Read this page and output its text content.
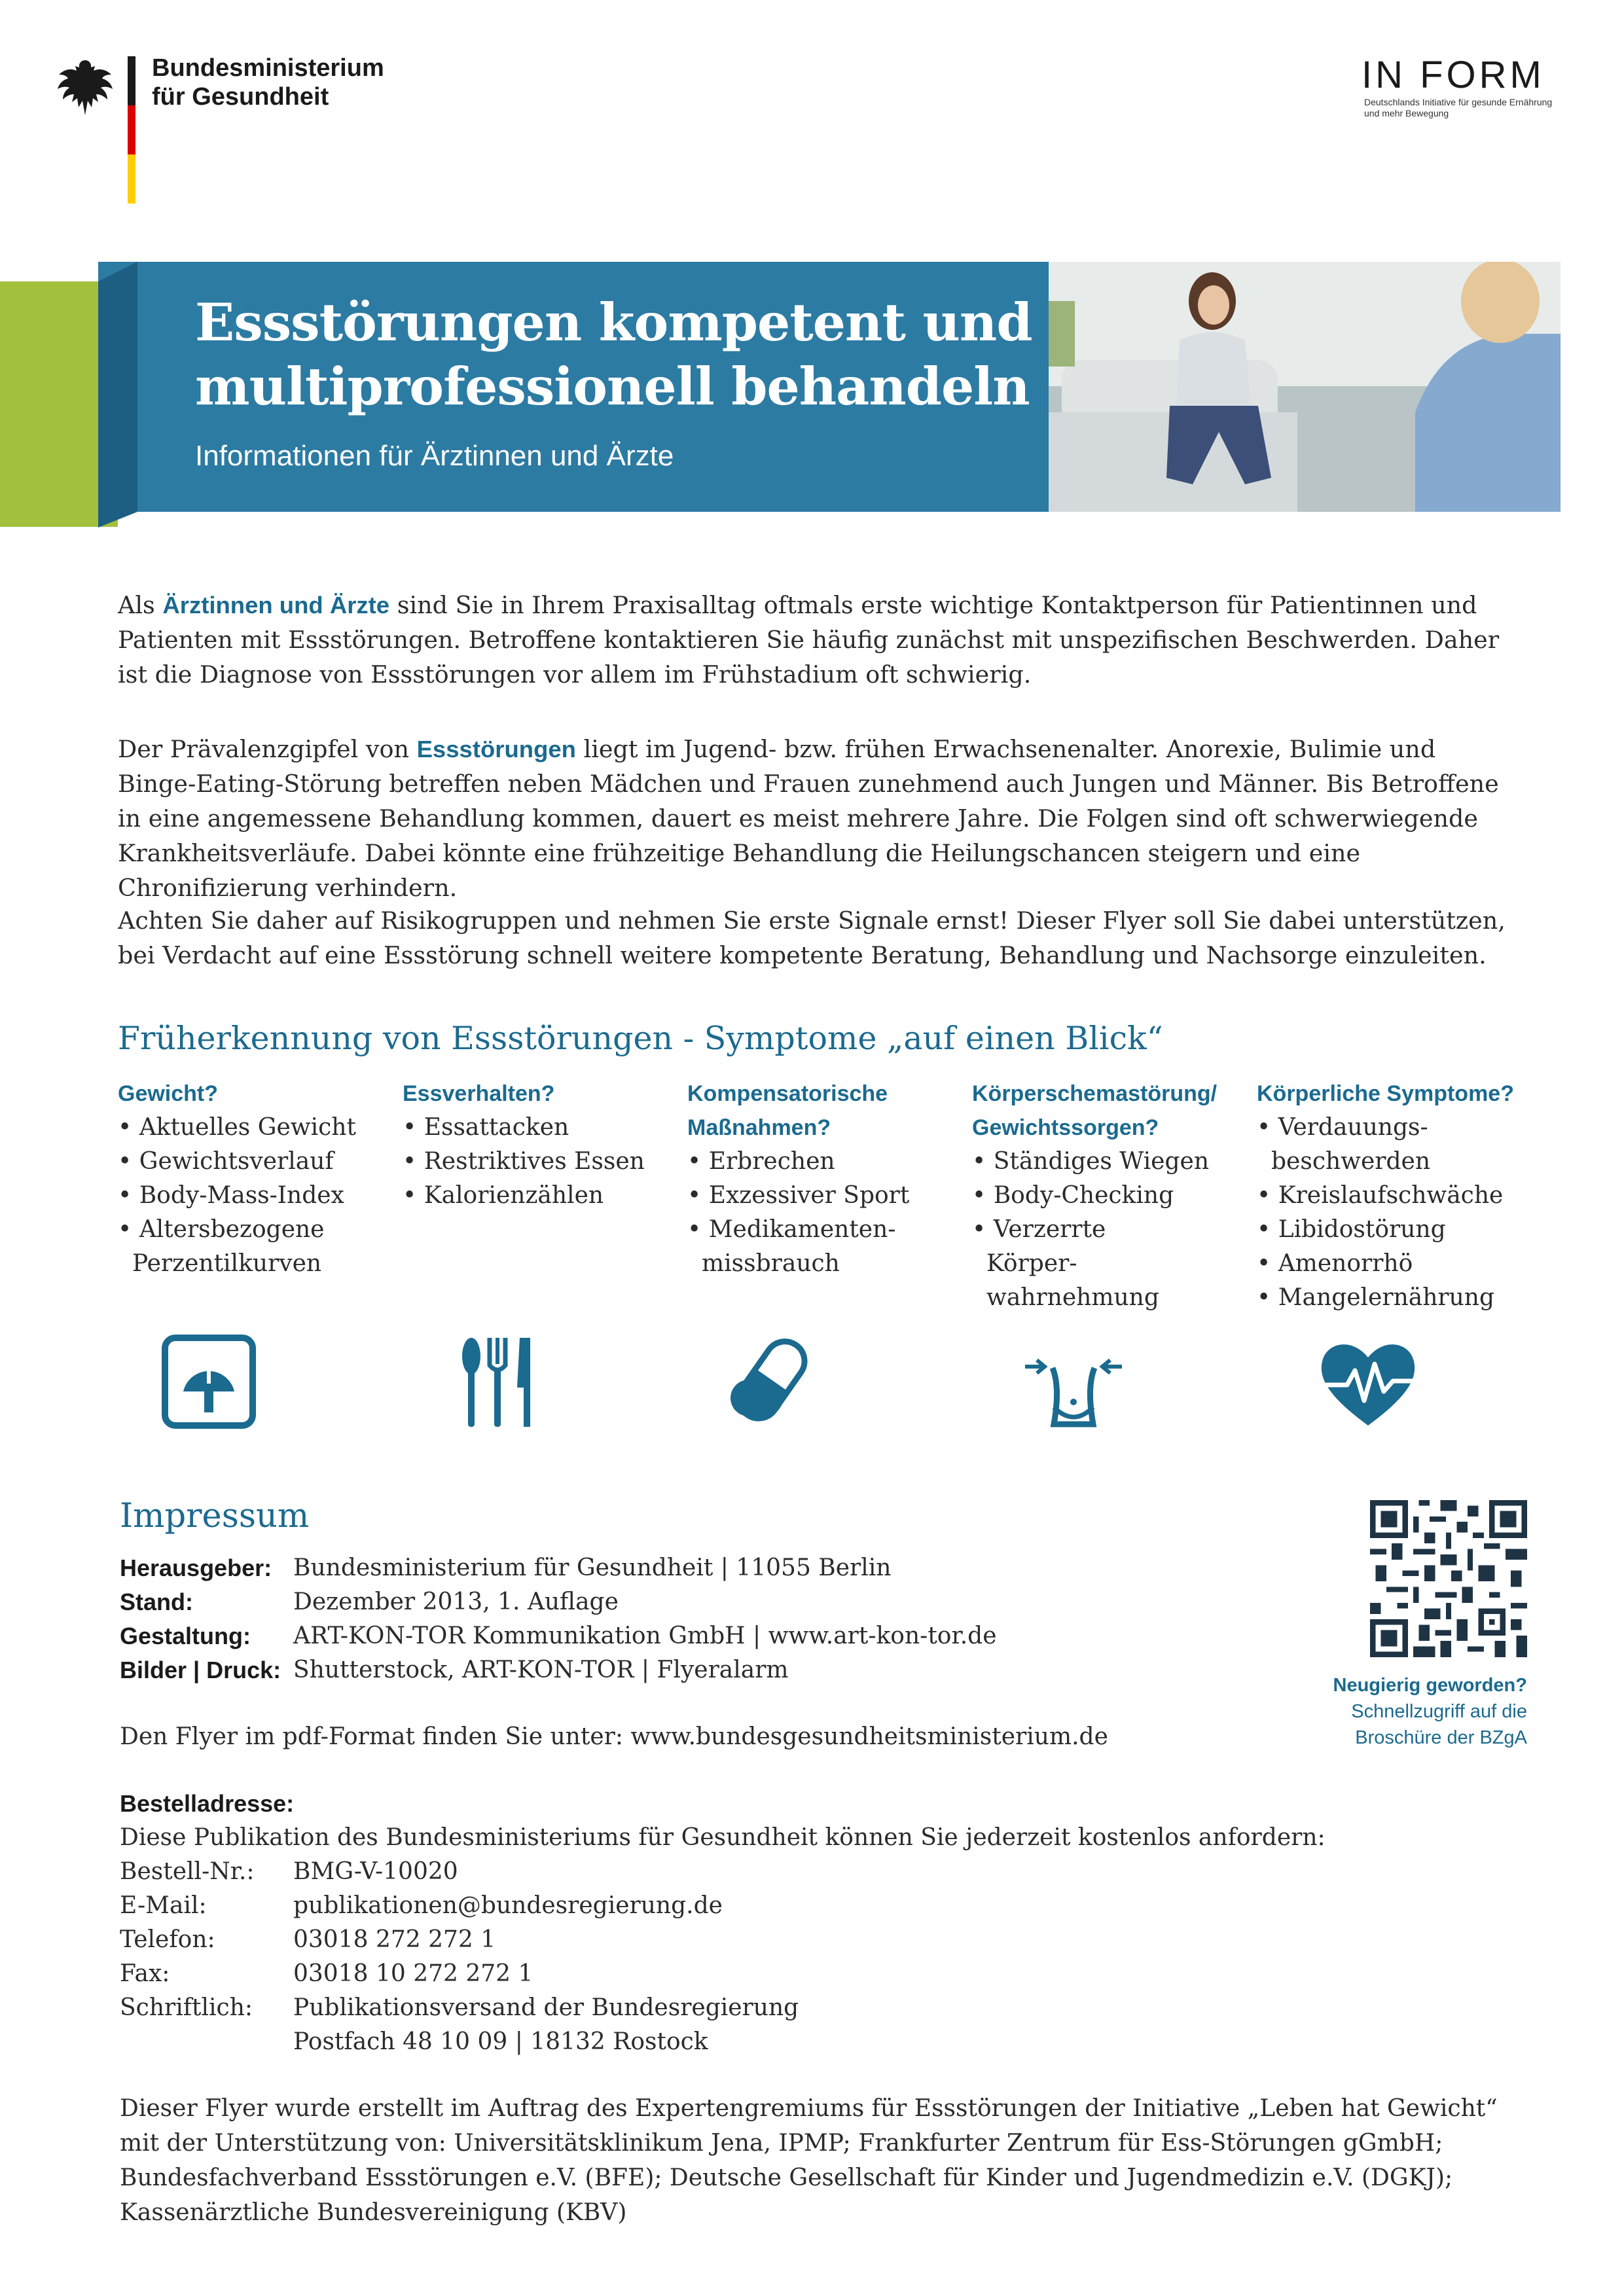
Bundesministerium
für Gesundheit
IN FORM
Deutschlands Initiative für gesunde Ernährung und mehr Bewegung
Essstörungen kompetent und multiprofessionell behandeln
Informationen für Ärztinnen und Ärzte
Als Ärztinnen und Ärzte sind Sie in Ihrem Praxisalltag oftmals erste wichtige Kontaktperson für Patientinnen und Patienten mit Essstörungen. Betroffene kontaktieren Sie häufig zunächst mit unspezifischen Beschwerden. Daher ist die Diagnose von Essstörungen vor allem im Frühstadium oft schwierig.
Der Prävalenzgipfel von Essstörungen liegt im Jugend- bzw. frühen Erwachsenenalter. Anorexie, Bulimie und Binge-Eating-Störung betreffen neben Mädchen und Frauen zunehmend auch Jungen und Männer. Bis Betroffene in eine angemessene Behandlung kommen, dauert es meist mehrere Jahre. Die Folgen sind oft schwerwiegende Krankheitsverläufe. Dabei könnte eine frühzeitige Behandlung die Heilungschancen steigern und eine Chronifizierung verhindern.
Achten Sie daher auf Risikogruppen und nehmen Sie erste Signale ernst! Dieser Flyer soll Sie dabei unterstützen, bei Verdacht auf eine Essstörung schnell weitere kompetente Beratung, Behandlung und Nachsorge einzuleiten.
Früherkennung von Essstörungen - Symptome „auf einen Blick“
Gewicht?
• Aktuelles Gewicht
• Gewichtsverlauf
• Body-Mass-Index
• Altersbezogene Perzentilkurven
Essverhalten?
• Essattacken
• Restriktives Essen
• Kalorienzählen
Kompensatorische Maßnahmen?
• Erbrechen
• Exzessiver Sport
• Medikamenten-missbrauch
Körperschemastörung/ Gewichtssorgen?
• Ständiges Wiegen
• Body-Checking
• Verzerrte Körper-wahrnehmung
Körperliche Symptome?
• Verdauungs-beschwerden
• Kreislaufschwäche
• Libidostörung
• Amenorrhö
• Mangelernährung
Impressum
Herausgeber: Bundesministerium für Gesundheit | 11055 Berlin
Stand:	Dezember 2013, 1. Auflage
Gestaltung: ART-KON-TOR Kommunikation GmbH | www.art-kon-tor.de
Bilder | Druck: Shutterstock, ART-KON-TOR | Flyeralarm
Den Flyer im pdf-Format finden Sie unter: www.bundesgesundheitsministerium.de
Bestelladresse:
Diese Publikation des Bundesministeriums für Gesundheit können Sie jederzeit kostenlos anfordern:
Bestell-Nr.: BMG-V-10020
E-Mail:	publikationen@bundesregierung.de
Telefon:	03018 272 272 1
Fax:	03018 10 272 272 1
Schriftlich: Publikationsversand der Bundesregierung
Postfach 48 10 09 | 18132 Rostock
Neugierig geworden?
Schnellzugriff auf die
Broschüre der BZgA
Dieser Flyer wurde erstellt im Auftrag des Expertengremiums für Essstörungen der Initiative „Leben hat Gewicht“ mit der Unterstützung von: Universitätsklinikum Jena, IPMP; Frankfurter Zentrum für Ess-Störungen gGmbH; Bundesfachverband Essstörungen e.V. (BFE); Deutsche Gesellschaft für Kinder und Jugendmedizin e.V. (DGKJ); Kassenärztliche Bundesvereinigung (KBV)
